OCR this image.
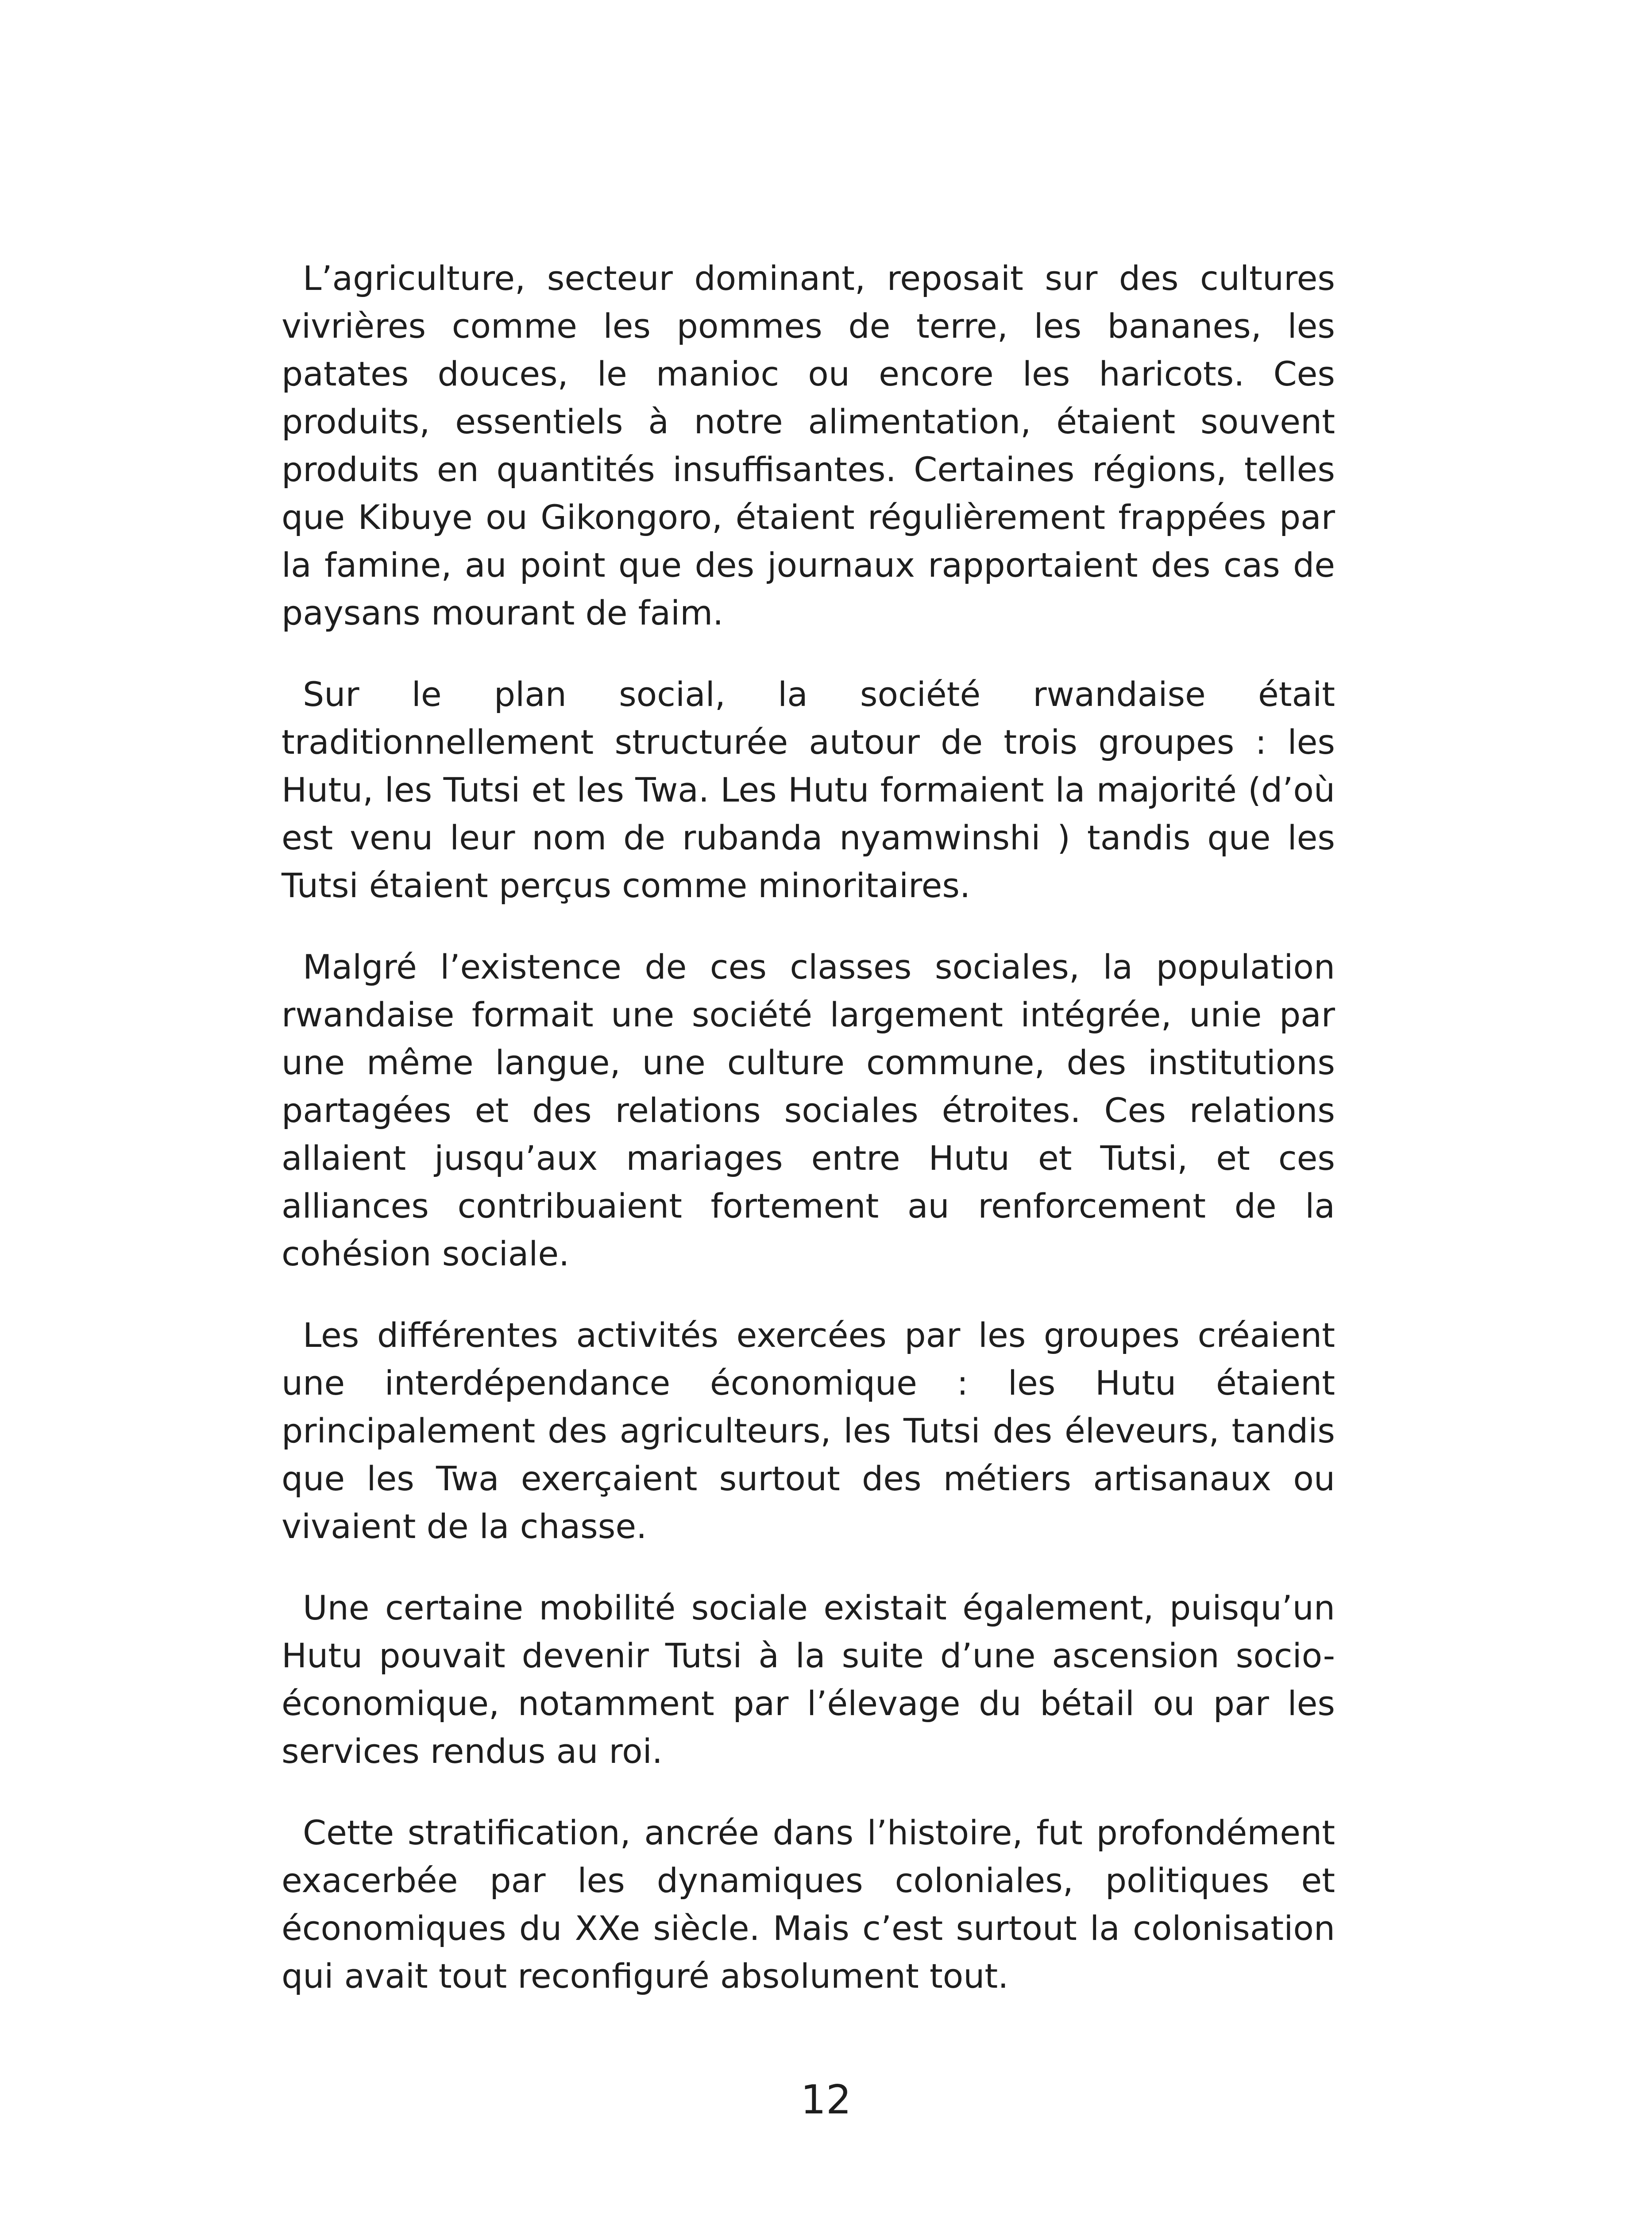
L’agriculture, secteur dominant, reposait sur des cultures vivrières comme les pommes de terre, les bananes, les patates douces, le manioc ou encore les haricots. Ces produits, essentiels à notre alimentation, étaient souvent produits en quantités insuffisantes. Certaines régions, telles que Kibuye ou Gikongoro, étaient régulièrement frappées par la famine, au point que des journaux rapportaient des cas de paysans mourant de faim.

Sur le plan social, la société rwandaise était traditionnellement structurée autour de trois groupes : les Hutu, les Tutsi et les Twa. Les Hutu formaient la majorité (d’où est venu leur nom de rubanda nyamwinshi ) tandis que les Tutsi étaient perçus comme minoritaires.

Malgré l’existence de ces classes sociales, la population rwandaise formait une société largement intégrée, unie par une même langue, une culture commune, des institutions partagées et des relations sociales étroites. Ces relations allaient jusqu’aux mariages entre Hutu et Tutsi, et ces alliances contribuaient fortement au renforcement de la cohésion sociale.

Les différentes activités exercées par les groupes créaient une interdépendance économique : les Hutu étaient principalement des agriculteurs, les Tutsi des éleveurs, tandis que les Twa exerçaient surtout des métiers artisanaux ou vivaient de la chasse.

Une certaine mobilité sociale existait également, puisqu’un Hutu pouvait devenir Tutsi à la suite d’une ascension socio-économique, notamment par l’élevage du bétail ou par les services rendus au roi.

Cette stratification, ancrée dans l’histoire, fut profondément exacerbée par les dynamiques coloniales, politiques et économiques du XXe siècle. Mais c’est surtout la colonisation qui avait tout reconfiguré absolument tout.

12
